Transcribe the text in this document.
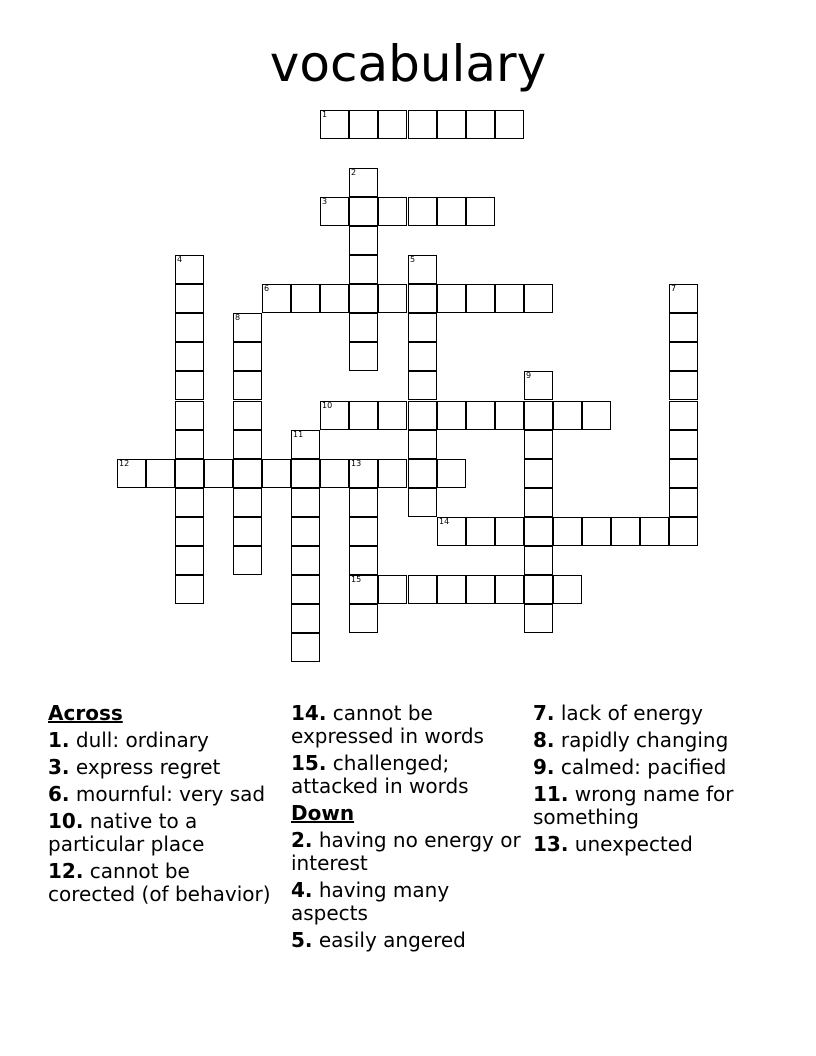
vocabulary
1
2
3
4	5
6	7
8
9
10
11
12	13
15
14
Across
1. dull: ordinary
3. express regret
6. mournful: very sad
10. native to a particular place
12. cannot be corected (of behavior)
14. cannot be expressed in words
15. challenged; attacked in words
Down
2. having no energy or interest
4. having many aspects
5. easily angered
7. lack of energy
8. rapidly changing
9. calmed: pacified
11. wrong name for something
13. unexpected
